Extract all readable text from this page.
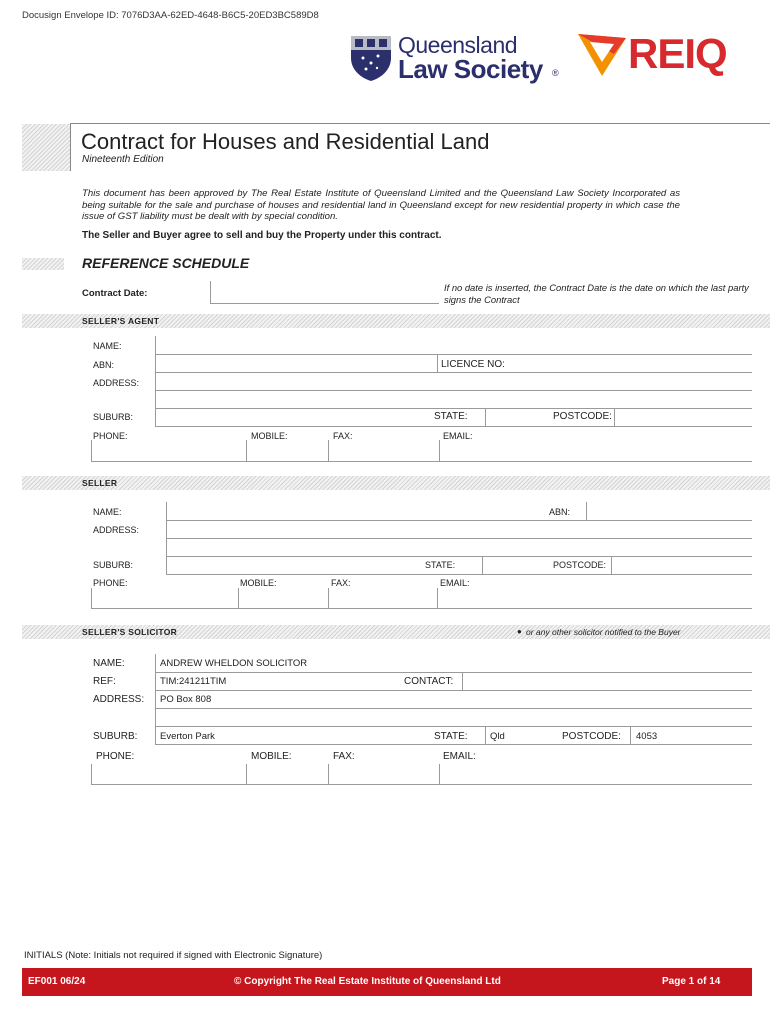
Docusign Envelope ID: 7076D3AA-62ED-4648-B6C5-20ED3BC589D8
Queensland
Law Society ® REIQ
Contract for Houses and Residential Land
Nineteenth Edition
This document has been approved by The Real Estate Institute of Queensland Limited and the Queensland Law Society Incorporated as being suitable for the sale and purchase of houses and residential land in Queensland except for new residential property in which case the issue of GST liability must be dealt with by special condition.
The Seller and Buyer agree to sell and buy the Property under this contract.
REFERENCE SCHEDULE
Contract Date:
If no date is inserted, the Contract Date is the date on which the last party signs the Contract
SELLER'S AGENT
NAME:
ABN:	LICENCE NO:
ADDRESS:
SUBURB:	STATE:	POSTCODE:
PHONE:	MOBILE:	FAX:	EMAIL:
SELLER
NAME:	ABN:
ADDRESS:
SUBURB:	STATE:	POSTCODE:
PHONE:	MOBILE:	FAX:	EMAIL:
SELLER'S SOLICITOR	● or any other solicitor notified to the Buyer
NAME:	ANDREW WHELDON SOLICITOR
REF:	TIM:241211TIM	CONTACT:
ADDRESS: PO Box 808
SUBURB: Everton Park	STATE: Qld	POSTCODE: 4053
PHONE:	MOBILE:	FAX:	EMAIL:
INITIALS (Note: Initials not required if signed with Electronic Signature)
EF001 06/24	© Copyright The Real Estate Institute of Queensland Ltd	Page 1 of 14
